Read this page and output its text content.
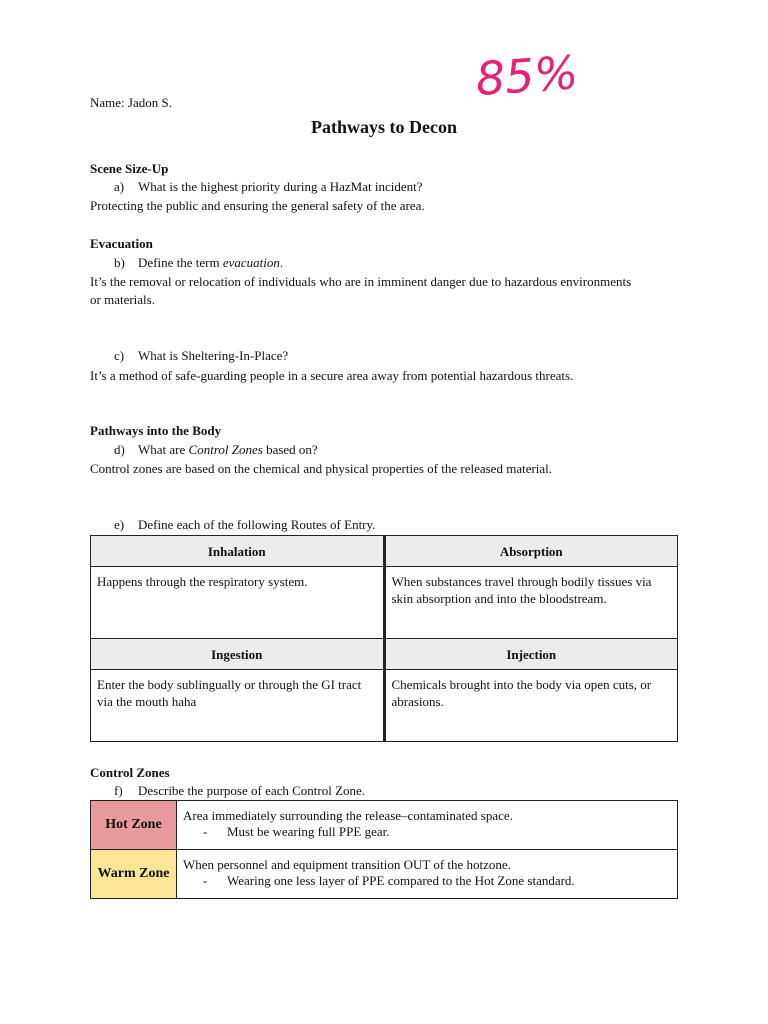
85%
Name: Jadon S.
Pathways to Decon
Scene Size-Up
a) What is the highest priority during a HazMat incident?
Protecting the public and ensuring the general safety of the area.
Evacuation
b) Define the term evacuation.
It’s the removal or relocation of individuals who are in imminent danger due to hazardous environments
or materials.
c) What is Sheltering-In-Place?
It’s a method of safe-guarding people in a secure area away from potential hazardous threats.
Pathways into the Body
d) What are Control Zones based on?
Control zones are based on the chemical and physical properties of the released material.
e) Define each of the following Routes of Entry.
Inhalation	Absorption
Happens through the respiratory system.	When substances travel through bodily tissues via skin absorption and into the bloodstream.
Ingestion	Injection
Enter the body sublingually or through the GI tract via the mouth haha	Chemicals brought into the body via open cuts, or abrasions.
Control Zones
f) Describe the purpose of each Control Zone.
Hot Zone	Area immediately surrounding the release–contaminated space.
- Must be wearing full PPE gear.

Warm Zone	When personnel and equipment transition OUT of the hotzone.
- Wearing one less layer of PPE compared to the Hot Zone standard.
